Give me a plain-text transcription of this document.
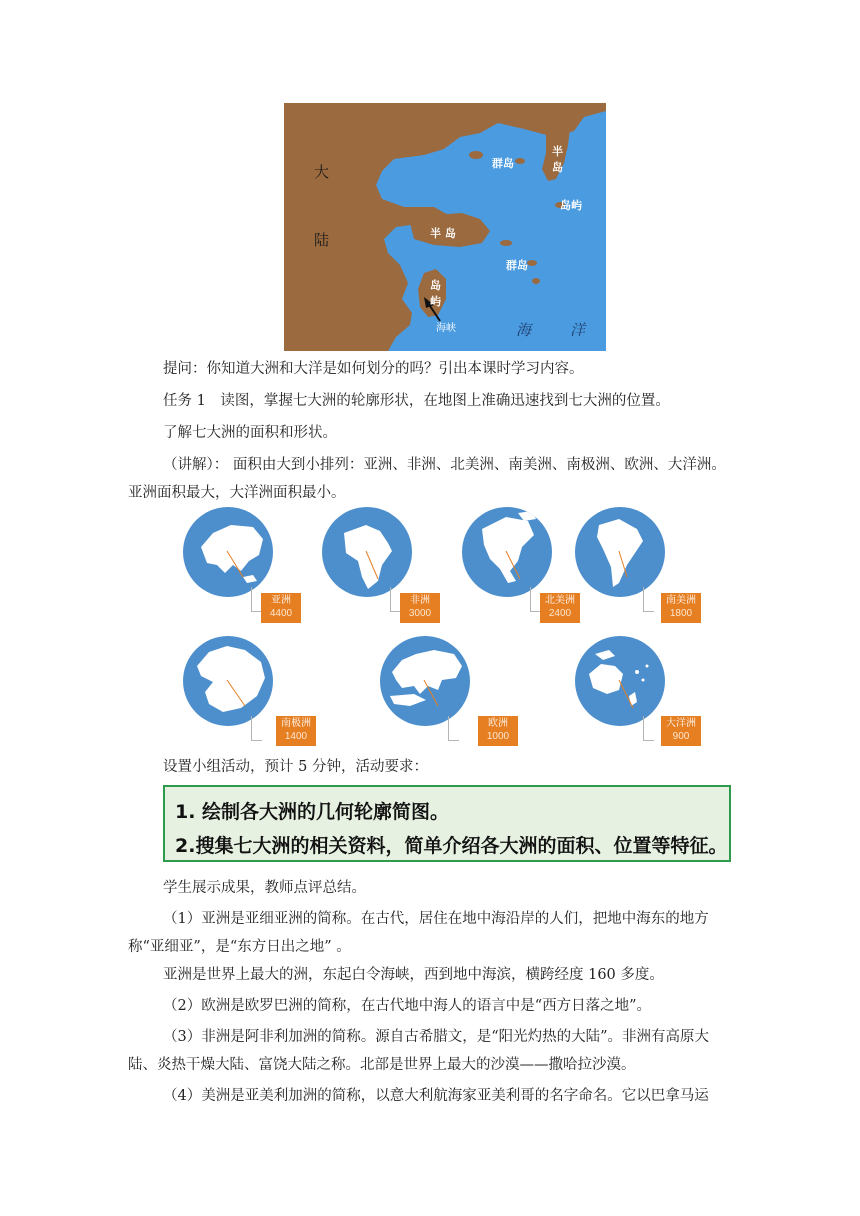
大
陆
群岛
半
岛
岛屿
半 岛
群岛
岛
屿
海峡	海	洋
提问：你知道大洲和大洋是如何划分的吗？引出本课时学习内容。
任务 1　读图，掌握七大洲的轮廓形状，在地图上准确迅速找到七大洲的位置。
了解七大洲的面积和形状。
（讲解）： 面积由大到小排列：亚洲、非洲、北美洲、南美洲、南极洲、欧洲、大洋洲。
亚洲面积最大，大洋洲面积最小。
亚洲
4400
非洲
3000
北美洲
2400
南美洲
1800
南极洲
1400
欧洲
1000
大洋洲
900
设置小组活动，预计 5 分钟，活动要求：
1. 绘制各大洲的几何轮廓简图。
2.搜集七大洲的相关资料，简单介绍各大洲的面积、位置等特征。
学生展示成果，教师点评总结。
（1）亚洲是亚细亚洲的简称。在古代，居住在地中海沿岸的人们，把地中海东的地方
称“亚细亚”，是“东方日出之地” 。
亚洲是世界上最大的洲，东起白令海峡，西到地中海滨，横跨经度 160 多度。
（2）欧洲是欧罗巴洲的简称，在古代地中海人的语言中是“西方日落之地”。
（3）非洲是阿非利加洲的简称。源自古希腊文，是“阳光灼热的大陆”。非洲有高原大
陆、炎热干燥大陆、富饶大陆之称。北部是世界上最大的沙漠——撒哈拉沙漠。
（4）美洲是亚美利加洲的简称，以意大利航海家亚美利哥的名字命名。它以巴拿马运
